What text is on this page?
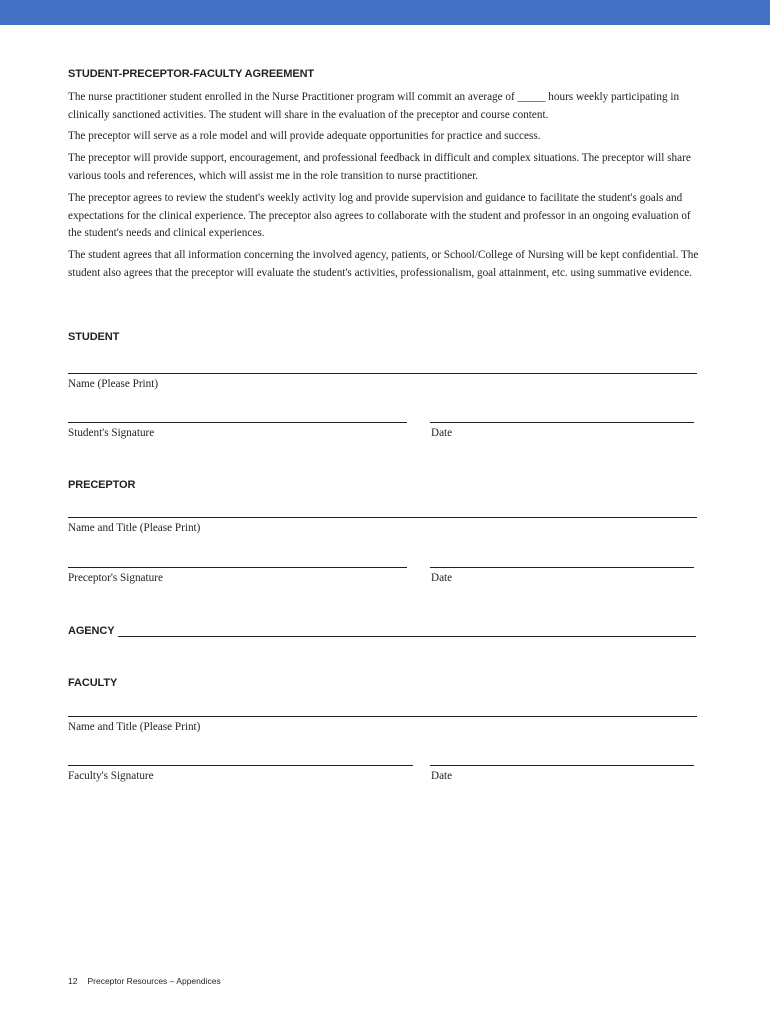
STUDENT-PRECEPTOR-FACULTY AGREEMENT

The nurse practitioner student enrolled in the Nurse Practitioner program will commit an average of _____ hours weekly participating in clinically sanctioned activities. The student will share in the evaluation of the preceptor and course content.

The preceptor will serve as a role model and will provide adequate opportunities for practice and success.

The preceptor will provide support, encouragement, and professional feedback in difficult and complex situations. The preceptor will share various tools and references, which will assist me in the role transition to nurse practitioner.

The preceptor agrees to review the student's weekly activity log and provide supervision and guidance to facilitate the student's goals and expectations for the clinical experience. The preceptor also agrees to collaborate with the student and professor in an ongoing evaluation of the student's needs and clinical experiences.

The student agrees that all information concerning the involved agency, patients, or School/College of Nursing will be kept confidential. The student also agrees that the preceptor will evaluate the student's activities, professionalism, goal attainment, etc. using summative evidence.

STUDENT
Name (Please Print)
Student's Signature	Date
PRECEPTOR
Name and Title (Please Print)
Preceptor's Signature	Date
AGENCY
FACULTY
Name and Title (Please Print)
Faculty's Signature	Date
12 Preceptor Resources – Appendices
